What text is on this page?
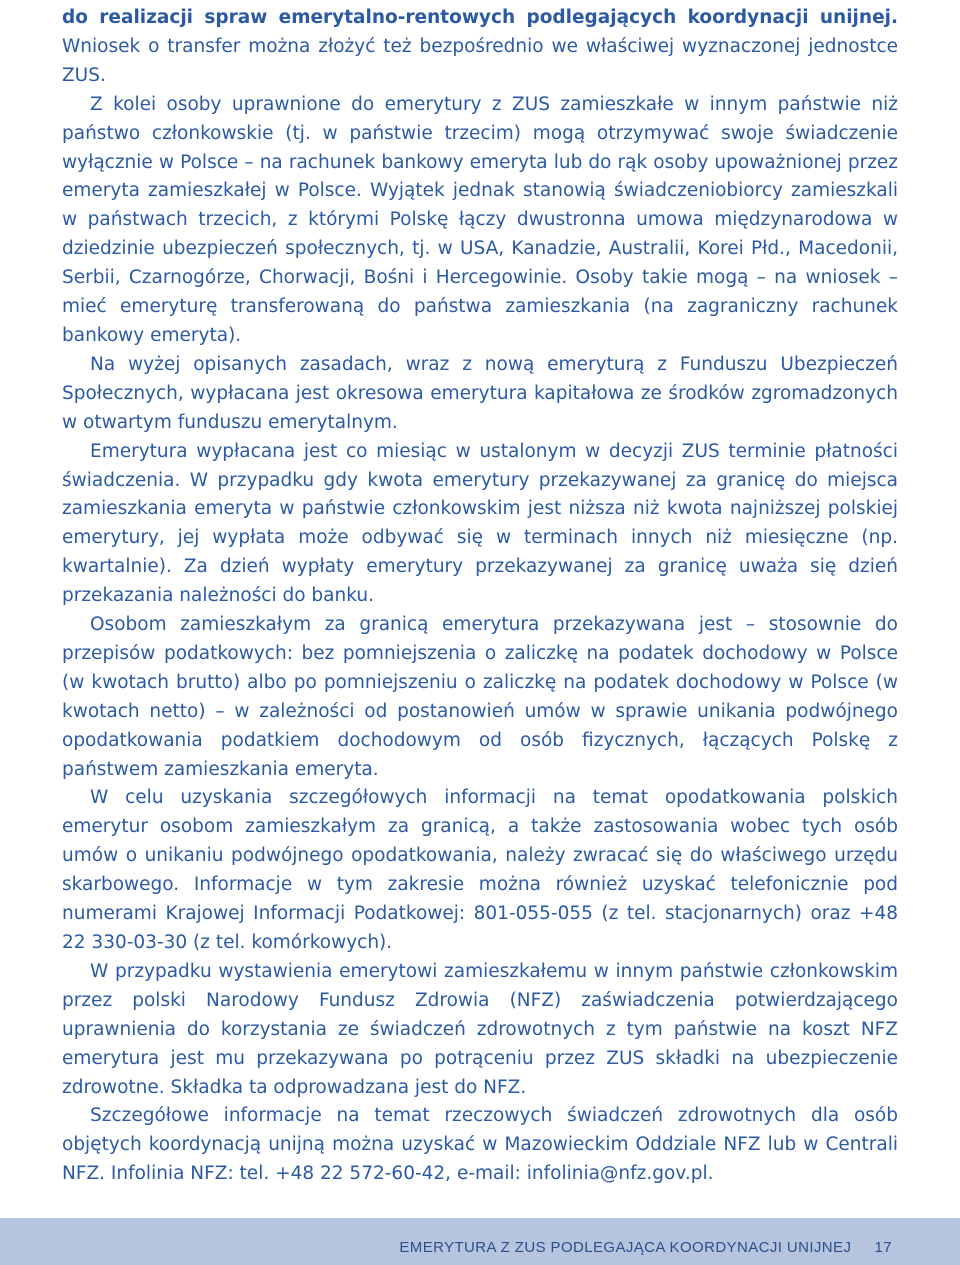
do realizacji spraw emerytalno-rentowych podlegających koordynacji unijnej. Wniosek o transfer można złożyć też bezpośrednio we właściwej wyznaczonej jednostce ZUS.

Z kolei osoby uprawnione do emerytury z ZUS zamieszkałe w innym państwie niż państwo członkowskie (tj. w państwie trzecim) mogą otrzymywać swoje świadczenie wyłącznie w Polsce – na rachunek bankowy emeryta lub do rąk osoby upoważnionej przez emeryta zamieszkałej w Polsce. Wyjątek jednak stanowią świadczeniobiorcy zamieszkali w państwach trzecich, z którymi Polskę łączy dwustronna umowa międzynarodowa w dziedzinie ubezpieczeń społecznych, tj. w USA, Kanadzie, Australii, Korei Płd., Macedonii, Serbii, Czarnogórze, Chorwacji, Bośni i Hercegowinie. Osoby takie mogą – na wniosek – mieć emeryturę transferowaną do państwa zamieszkania (na zagraniczny rachunek bankowy emeryta).

Na wyżej opisanych zasadach, wraz z nową emeryturą z Funduszu Ubezpieczeń Społecznych, wypłacana jest okresowa emerytura kapitałowa ze środków zgromadzonych w otwartym funduszu emerytalnym.

Emerytura wypłacana jest co miesiąc w ustalonym w decyzji ZUS terminie płatności świadczenia. W przypadku gdy kwota emerytury przekazywanej za granicę do miejsca zamieszkania emeryta w państwie członkowskim jest niższa niż kwota najniższej polskiej emerytury, jej wypłata może odbywać się w terminach innych niż miesięczne (np. kwartalnie). Za dzień wypłaty emerytury przekazywanej za granicę uważa się dzień przekazania należności do banku.

Osobom zamieszkałym za granicą emerytura przekazywana jest – stosownie do przepisów podatkowych: bez pomniejszenia o zaliczkę na podatek dochodowy w Polsce (w kwotach brutto) albo po pomniejszeniu o zaliczkę na podatek dochodowy w Polsce (w kwotach netto) – w zależności od postanowień umów w sprawie unikania podwójnego opodatkowania podatkiem dochodowym od osób fizycznych, łączących Polskę z państwem zamieszkania emeryta.

W celu uzyskania szczegółowych informacji na temat opodatkowania polskich emerytur osobom zamieszkałym za granicą, a także zastosowania wobec tych osób umów o unikaniu podwójnego opodatkowania, należy zwracać się do właściwego urzędu skarbowego. Informacje w tym zakresie można również uzyskać telefonicznie pod numerami Krajowej Informacji Podatkowej: 801-055-055 (z tel. stacjonarnych) oraz +48 22 330-03-30 (z tel. komórkowych).

W przypadku wystawienia emerytowi zamieszkałemu w innym państwie członkowskim przez polski Narodowy Fundusz Zdrowia (NFZ) zaświadczenia potwierdzającego uprawnienia do korzystania ze świadczeń zdrowotnych z tym państwie na koszt NFZ emerytura jest mu przekazywana po potrąceniu przez ZUS składki na ubezpieczenie zdrowotne. Składka ta odprowadzana jest do NFZ.

Szczegółowe informacje na temat rzeczowych świadczeń zdrowotnych dla osób objętych koordynacją unijną można uzyskać w Mazowieckim Oddziale NFZ lub w Centrali NFZ. Infolinia NFZ: tel. +48 22 572-60-42, e-mail: infolinia@nfz.gov.pl.

EMERYTURA Z ZUS PODLEGAJĄCA KOORDYNACJI UNIJNEJ 17
